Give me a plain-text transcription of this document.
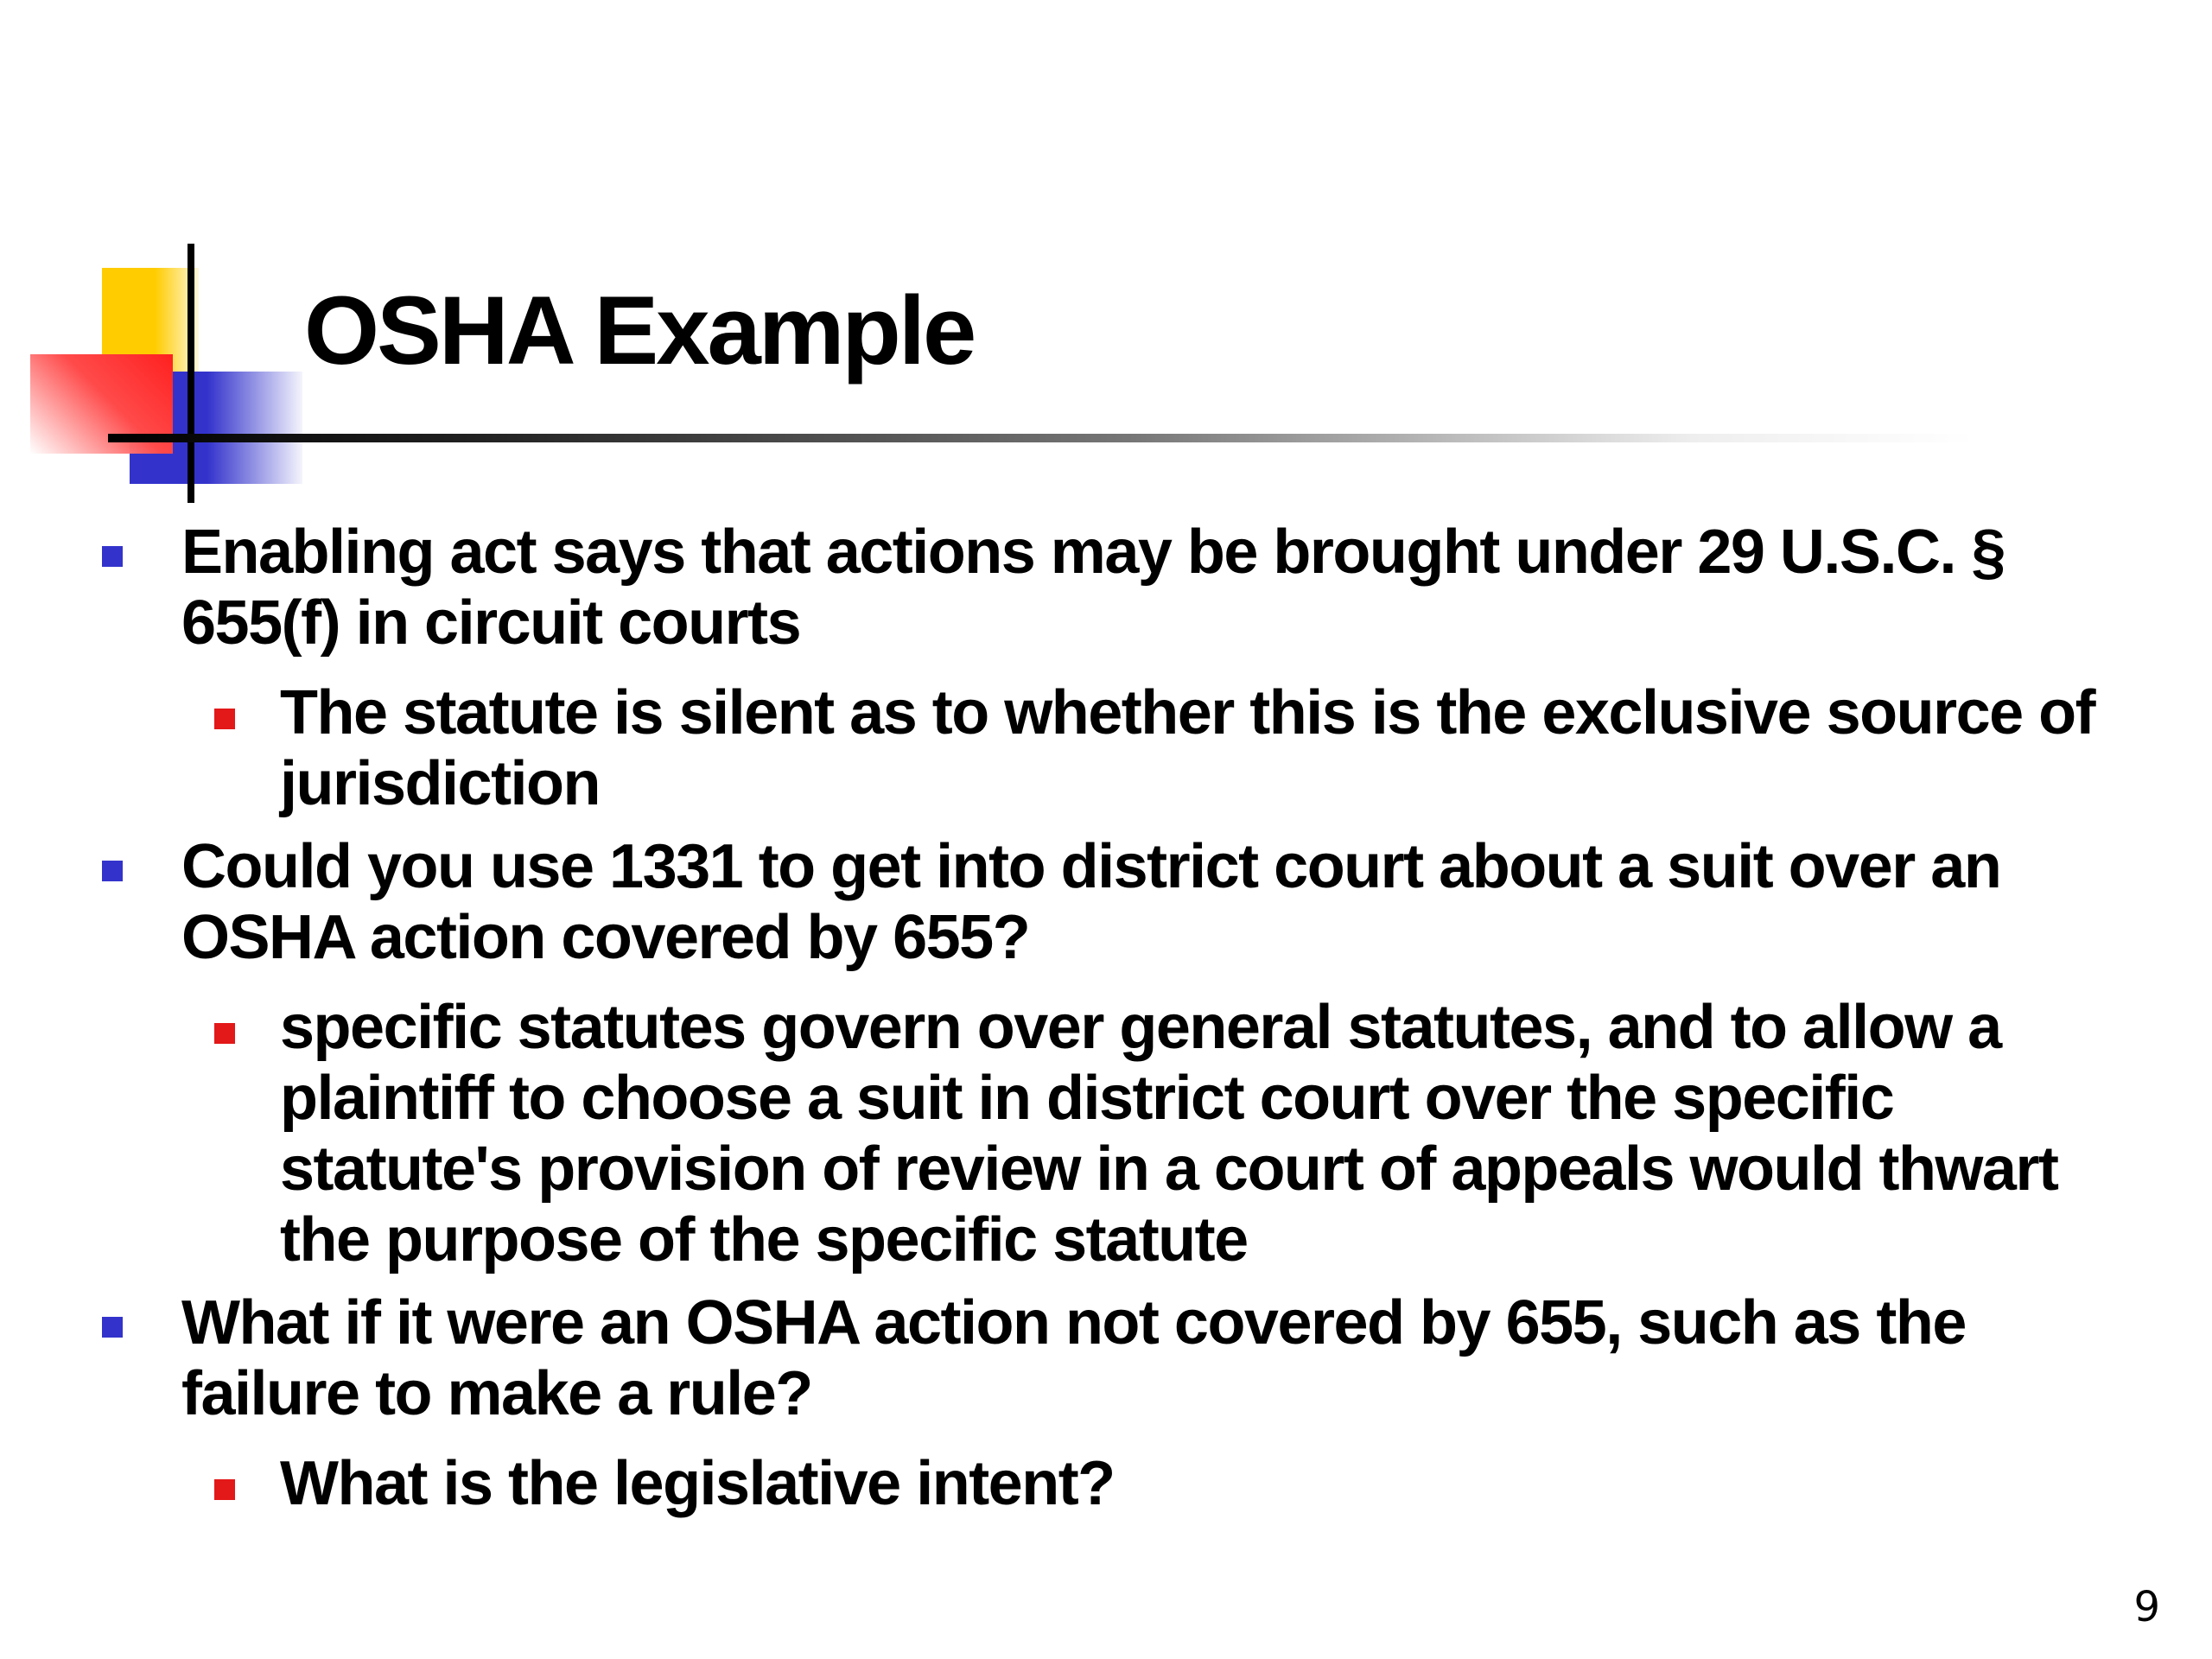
OSHA Example
Enabling act says that actions may be brought under 29 U.S.C. § 655(f) in circuit courts
The statute is silent as to whether this is the exclusive source of jurisdiction
Could you use 1331 to get into district court about a suit over an OSHA action covered by 655?
specific statutes govern over general statutes, and to allow a plaintiff to choose a suit in district court over the specific statute's provision of review in a court of appeals would thwart the purpose of the specific statute
What if it were an OSHA action not covered by 655, such as the failure to make a rule?
What is the legislative intent?
9
